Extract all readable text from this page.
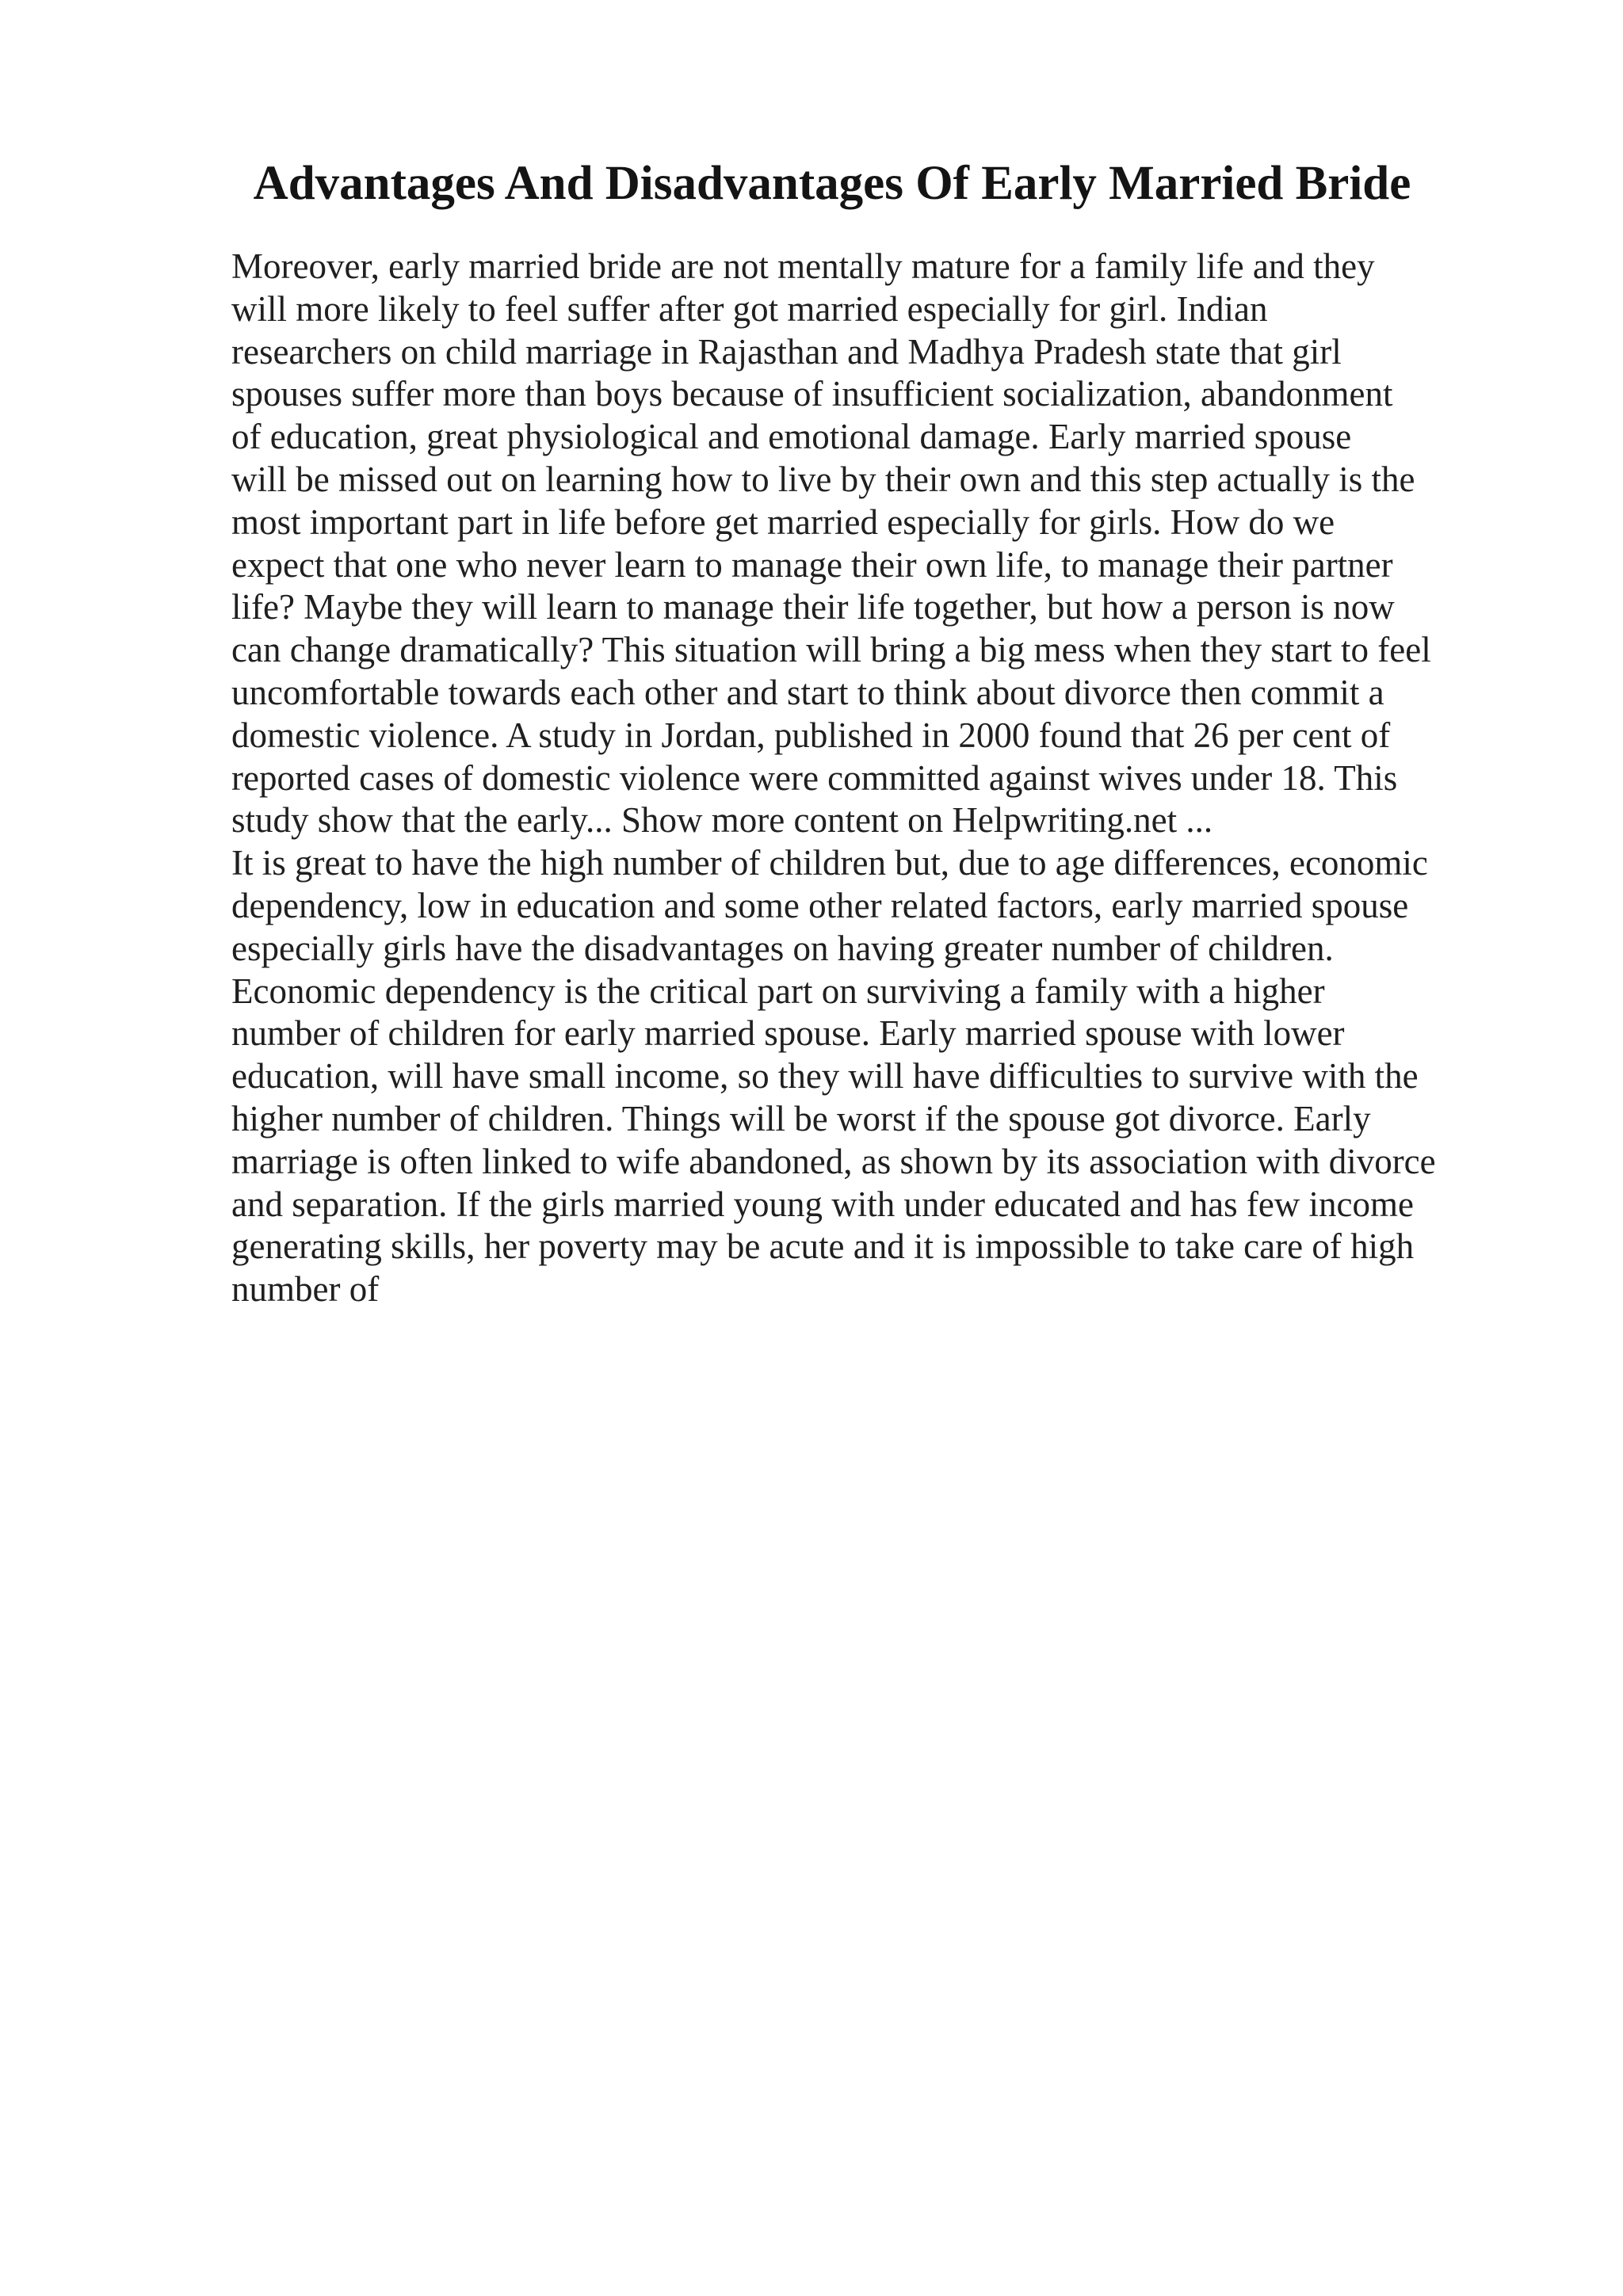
Advantages And Disadvantages Of Early Married Bride
Moreover, early married bride are not mentally mature for a family life and they
will more likely to feel suffer after got married especially for girl. Indian
researchers on child marriage in Rajasthan and Madhya Pradesh state that girl
spouses suffer more than boys because of insufficient socialization, abandonment
of education, great physiological and emotional damage. Early married spouse
will be missed out on learning how to live by their own and this step actually is the
most important part in life before get married especially for girls. How do we
expect that one who never learn to manage their own life, to manage their partner
life? Maybe they will learn to manage their life together, but how a person is now
can change dramatically? This situation will bring a big mess when they start to feel
uncomfortable towards each other and start to think about divorce then commit a
domestic violence. A study in Jordan, published in 2000 found that 26 per cent of
reported cases of domestic violence were committed against wives under 18. This
study show that the early... Show more content on Helpwriting.net ...
It is great to have the high number of children but, due to age differences, economic
dependency, low in education and some other related factors, early married spouse
especially girls have the disadvantages on having greater number of children.
Economic dependency is the critical part on surviving a family with a higher
number of children for early married spouse. Early married spouse with lower
education, will have small income, so they will have difficulties to survive with the
higher number of children. Things will be worst if the spouse got divorce. Early
marriage is often linked to wife abandoned, as shown by its association with divorce
and separation. If the girls married young with under educated and has few income
generating skills, her poverty may be acute and it is impossible to take care of high
number of
